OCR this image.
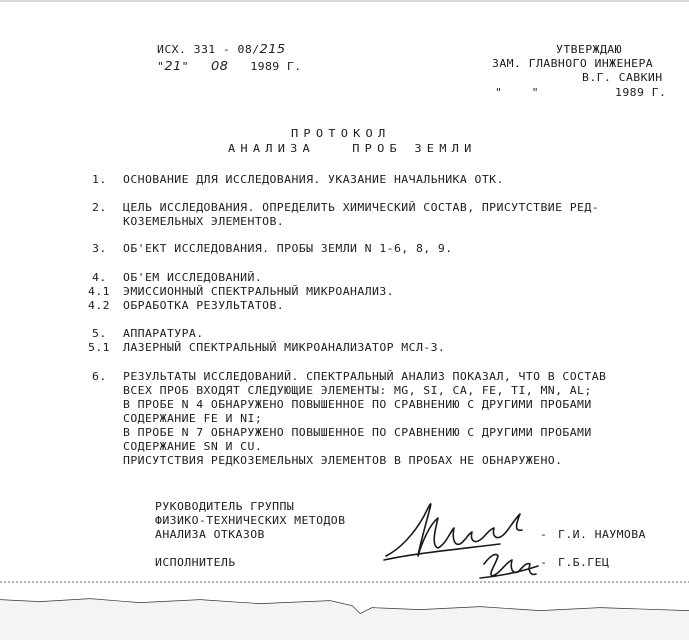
ИСХ. 331 - 08/215
"21" 08 1989 Г.
УТВЕРЖДАЮ
ЗАМ. ГЛАВНОГО ИНЖЕНЕРА
В.Г. САВКИН
"    "	1989 Г.
ПРОТОКОЛ
АНАЛИЗА   ПРОБ ЗЕМЛИ
1.	ОСНОВАНИЕ ДЛЯ ИССЛЕДОВАНИЯ. УКАЗАНИЕ НАЧАЛЬНИКА ОТК.
2.	ЦЕЛЬ ИССЛЕДОВАНИЯ. ОПРЕДЕЛИТЬ ХИМИЧЕСКИЙ СОСТАВ, ПРИСУТСТВИЕ РЕД-
КОЗЕМЕЛЬНЫХ ЭЛЕМЕНТОВ.
3.	ОБ'ЕКТ ИССЛЕДОВАНИЯ. ПРОБЫ ЗЕМЛИ N 1-6, 8, 9.
4.	ОБ'ЕМ ИССЛЕДОВАНИЙ.
4.1	ЭМИССИОННЫЙ СПЕКТРАЛЬНЫЙ МИКРОАНАЛИЗ.
4.2	ОБРАБОТКА РЕЗУЛЬТАТОВ.
5.	АППАРАТУРА.
5.1	ЛАЗЕРНЫЙ СПЕКТРАЛЬНЫЙ МИКРОАНАЛИЗАТОР МСЛ-3.
6.	РЕЗУЛЬТАТЫ ИССЛЕДОВАНИЙ. СПЕКТРАЛЬНЫЙ АНАЛИЗ ПОКАЗАЛ, ЧТО В СОСТАВ
ВСЕХ ПРОБ ВХОДЯТ СЛЕДУЮЩИЕ ЭЛЕМЕНТЫ: MG, SI, CA, FE, TI, MN, AL;
В ПРОБЕ N 4 ОБНАРУЖЕНО ПОВЫШЕННОЕ ПО СРАВНЕНИЮ С ДРУГИМИ ПРОБАМИ
СОДЕРЖАНИЕ FE И NI;
В ПРОБЕ N 7 ОБНАРУЖЕНО ПОВЫШЕННОЕ ПО СРАВНЕНИЮ С ДРУГИМИ ПРОБАМИ
СОДЕРЖАНИЕ SN И CU.
ПРИСУТСТВИЯ РЕДКОЗЕМЕЛЬНЫХ ЭЛЕМЕНТОВ В ПРОБАХ НЕ ОБНАРУЖЕНО.
РУКОВОДИТЕЛЬ ГРУППЫ
ФИЗИКО-ТЕХНИЧЕСКИХ МЕТОДОВ
АНАЛИЗА ОТКАЗОВ
ИСПОЛНИТЕЛЬ
- Г.И. НАУМОВА
- Г.Б.ГЕЦ
